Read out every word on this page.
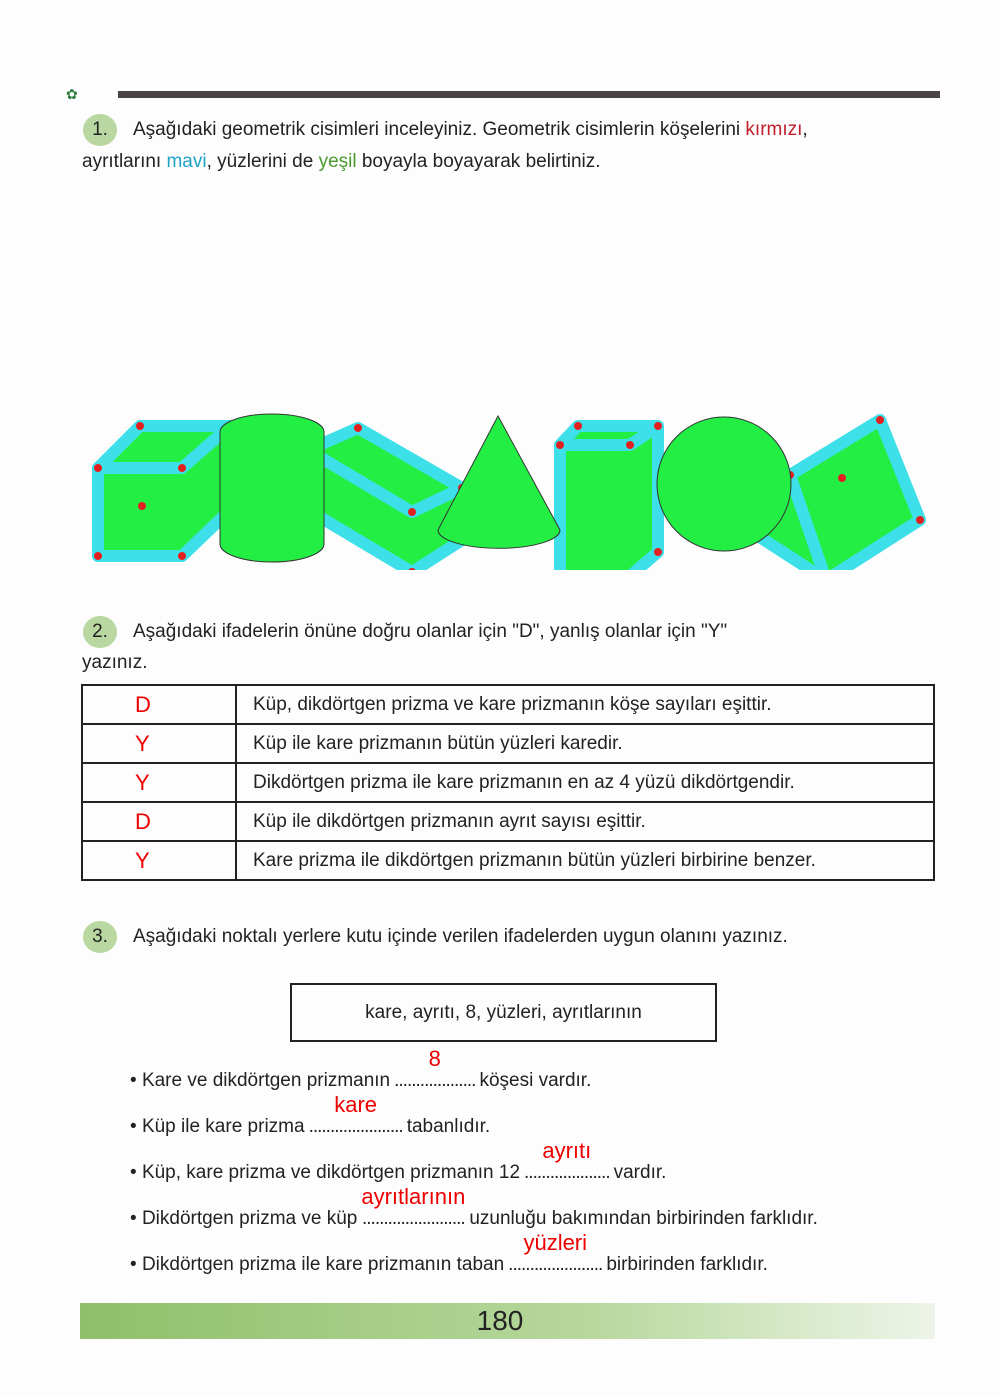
✿
1.	Aşağıdaki geometrik cisimleri inceleyiniz. Geometrik cisimlerin köşelerini kırmızı,
ayrıtlarını mavi, yüzlerini de yeşil boyayla boyayarak belirtiniz.
2.	Aşağıdaki ifadelerin önüne doğru olanlar için "D", yanlış olanlar için "Y"
yazınız.
D	Küp, dikdörtgen prizma ve kare prizmanın köşe sayıları eşittir.
Y	Küp ile kare prizmanın bütün yüzleri karedir.
Y	Dikdörtgen prizma ile kare prizmanın en az 4 yüzü dikdörtgendir.
D	Küp ile dikdörtgen prizmanın ayrıt sayısı eşittir.
Y	Kare prizma ile dikdörtgen prizmanın bütün yüzleri birbirine benzer.
3.	Aşağıdaki noktalı yerlere kutu içinde verilen ifadelerden uygun olanını yazınız.
kare, ayrıtı, 8, yüzleri, ayrıtlarının
• Kare ve dikdörtgen prizmanın
8
................... köşesi vardır.
• Küp ile kare prizma
kare
...................... tabanlıdır.
• Küp, kare prizma ve dikdörtgen prizmanın 12
ayrıtı
.................... vardır.
• Dikdörtgen prizma ve küp
ayrıtlarının
........................ uzunluğu bakımından birbirinden farklıdır.
• Dikdörtgen prizma ile kare prizmanın taban
yüzleri
...................... birbirinden farklıdır.
180
